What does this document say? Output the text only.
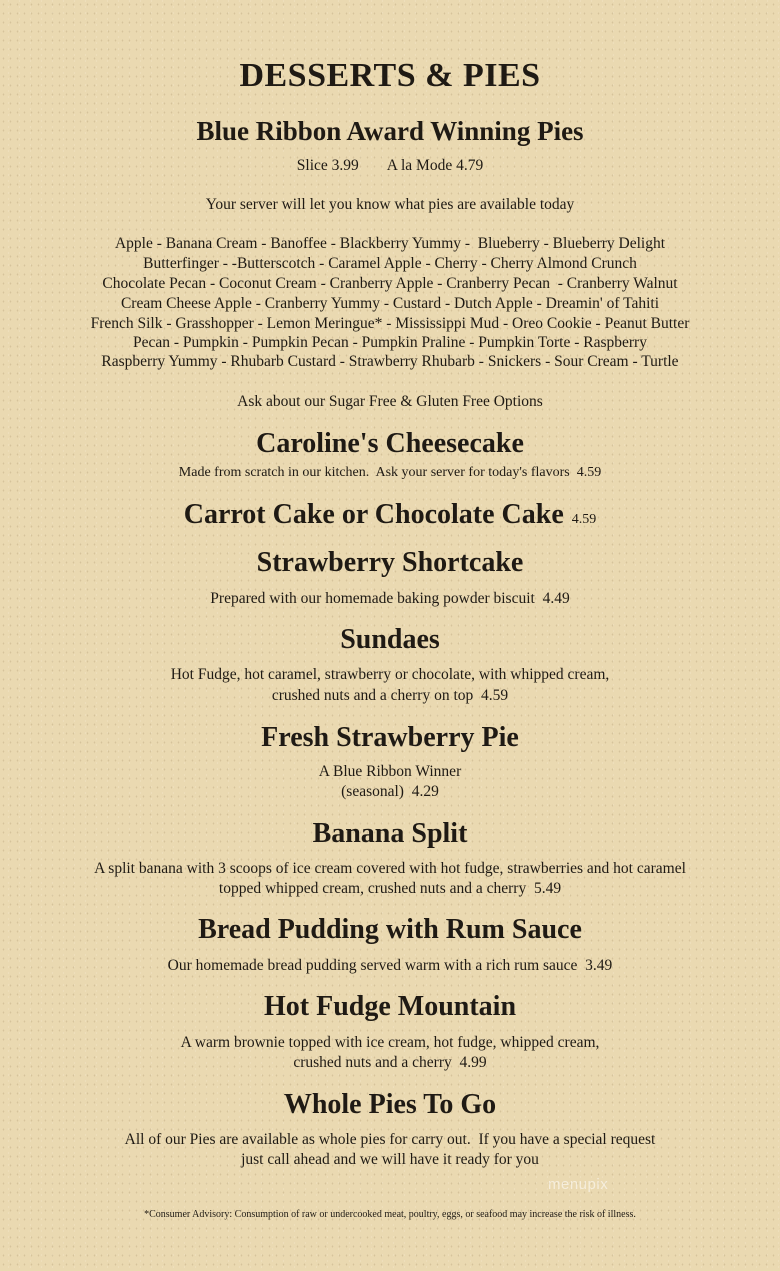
DESSERTS & PIES
Blue Ribbon Award Winning Pies
Slice 3.99 A la Mode 4.79
Your server will let you know what pies are available today
Apple - Banana Cream - Banoffee - Blackberry Yummy -  Blueberry - Blueberry Delight
Butterfinger - -Butterscotch - Caramel Apple - Cherry - Cherry Almond Crunch
Chocolate Pecan - Coconut Cream - Cranberry Apple - Cranberry Pecan  - Cranberry Walnut
Cream Cheese Apple - Cranberry Yummy - Custard - Dutch Apple - Dreamin' of Tahiti
French Silk - Grasshopper - Lemon Meringue* - Mississippi Mud - Oreo Cookie - Peanut Butter
Pecan - Pumpkin - Pumpkin Pecan - Pumpkin Praline - Pumpkin Torte - Raspberry
Raspberry Yummy - Rhubarb Custard - Strawberry Rhubarb - Snickers - Sour Cream - Turtle
Ask about our Sugar Free & Gluten Free Options
Caroline's Cheesecake
Made from scratch in our kitchen.  Ask your server for today's flavors  4.59
Carrot Cake or Chocolate Cake 4.59
Strawberry Shortcake
Prepared with our homemade baking powder biscuit  4.49
Sundaes
Hot Fudge, hot caramel, strawberry or chocolate, with whipped cream,
crushed nuts and a cherry on top  4.59
Fresh Strawberry Pie
A Blue Ribbon Winner
(seasonal)  4.29
Banana Split
A split banana with 3 scoops of ice cream covered with hot fudge, strawberries and hot caramel
topped whipped cream, crushed nuts and a cherry  5.49
Bread Pudding with Rum Sauce
Our homemade bread pudding served warm with a rich rum sauce  3.49
Hot Fudge Mountain
A warm brownie topped with ice cream, hot fudge, whipped cream,
crushed nuts and a cherry  4.99
Whole Pies To Go
All of our Pies are available as whole pies for carry out.  If you have a special request
just call ahead and we will have it ready for you
*Consumer Advisory: Consumption of raw or undercooked meat, poultry, eggs, or seafood may increase the risk of illness.
menupix
